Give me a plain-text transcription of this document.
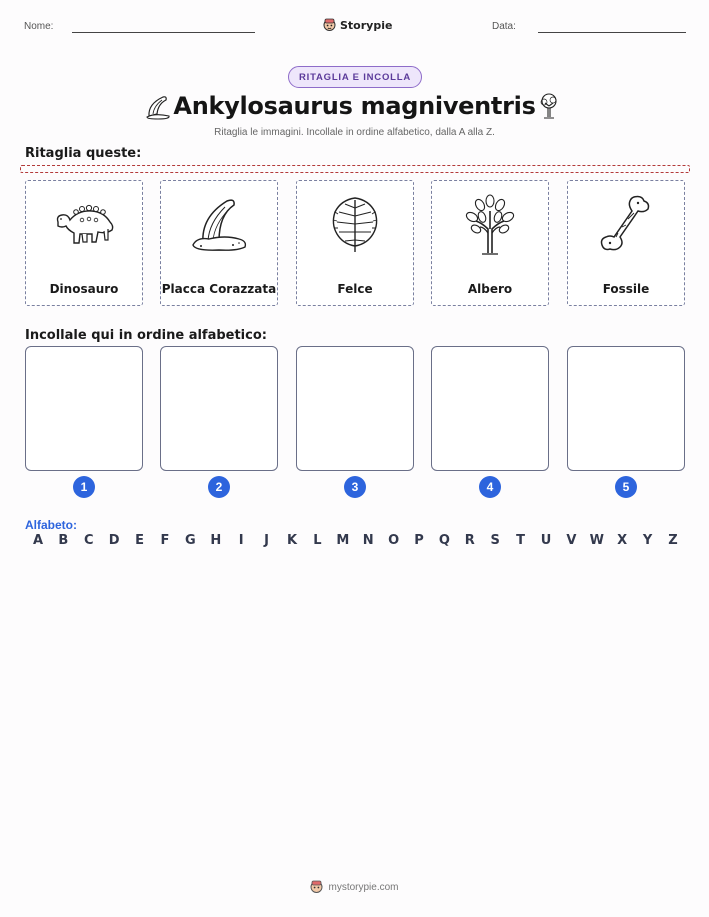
Nome:	Storypie	Data:
RITAGLIA E INCOLLA
Ankylosaurus magniventris
Ritaglia le immagini. Incollale in ordine alfabetico, dalla A alla Z.
Ritaglia queste:
Dinosauro	Placca Corazzata	Felce	Albero	Fossile
Incollale qui in ordine alfabetico:
1	2	3	4	5
Alfabeto:
A	B	C	D	E	F	G	H	I	J	K	L	M	N	O	P	Q	R	S	T	U	V	W	X	Y	Z
mystorypie.com
